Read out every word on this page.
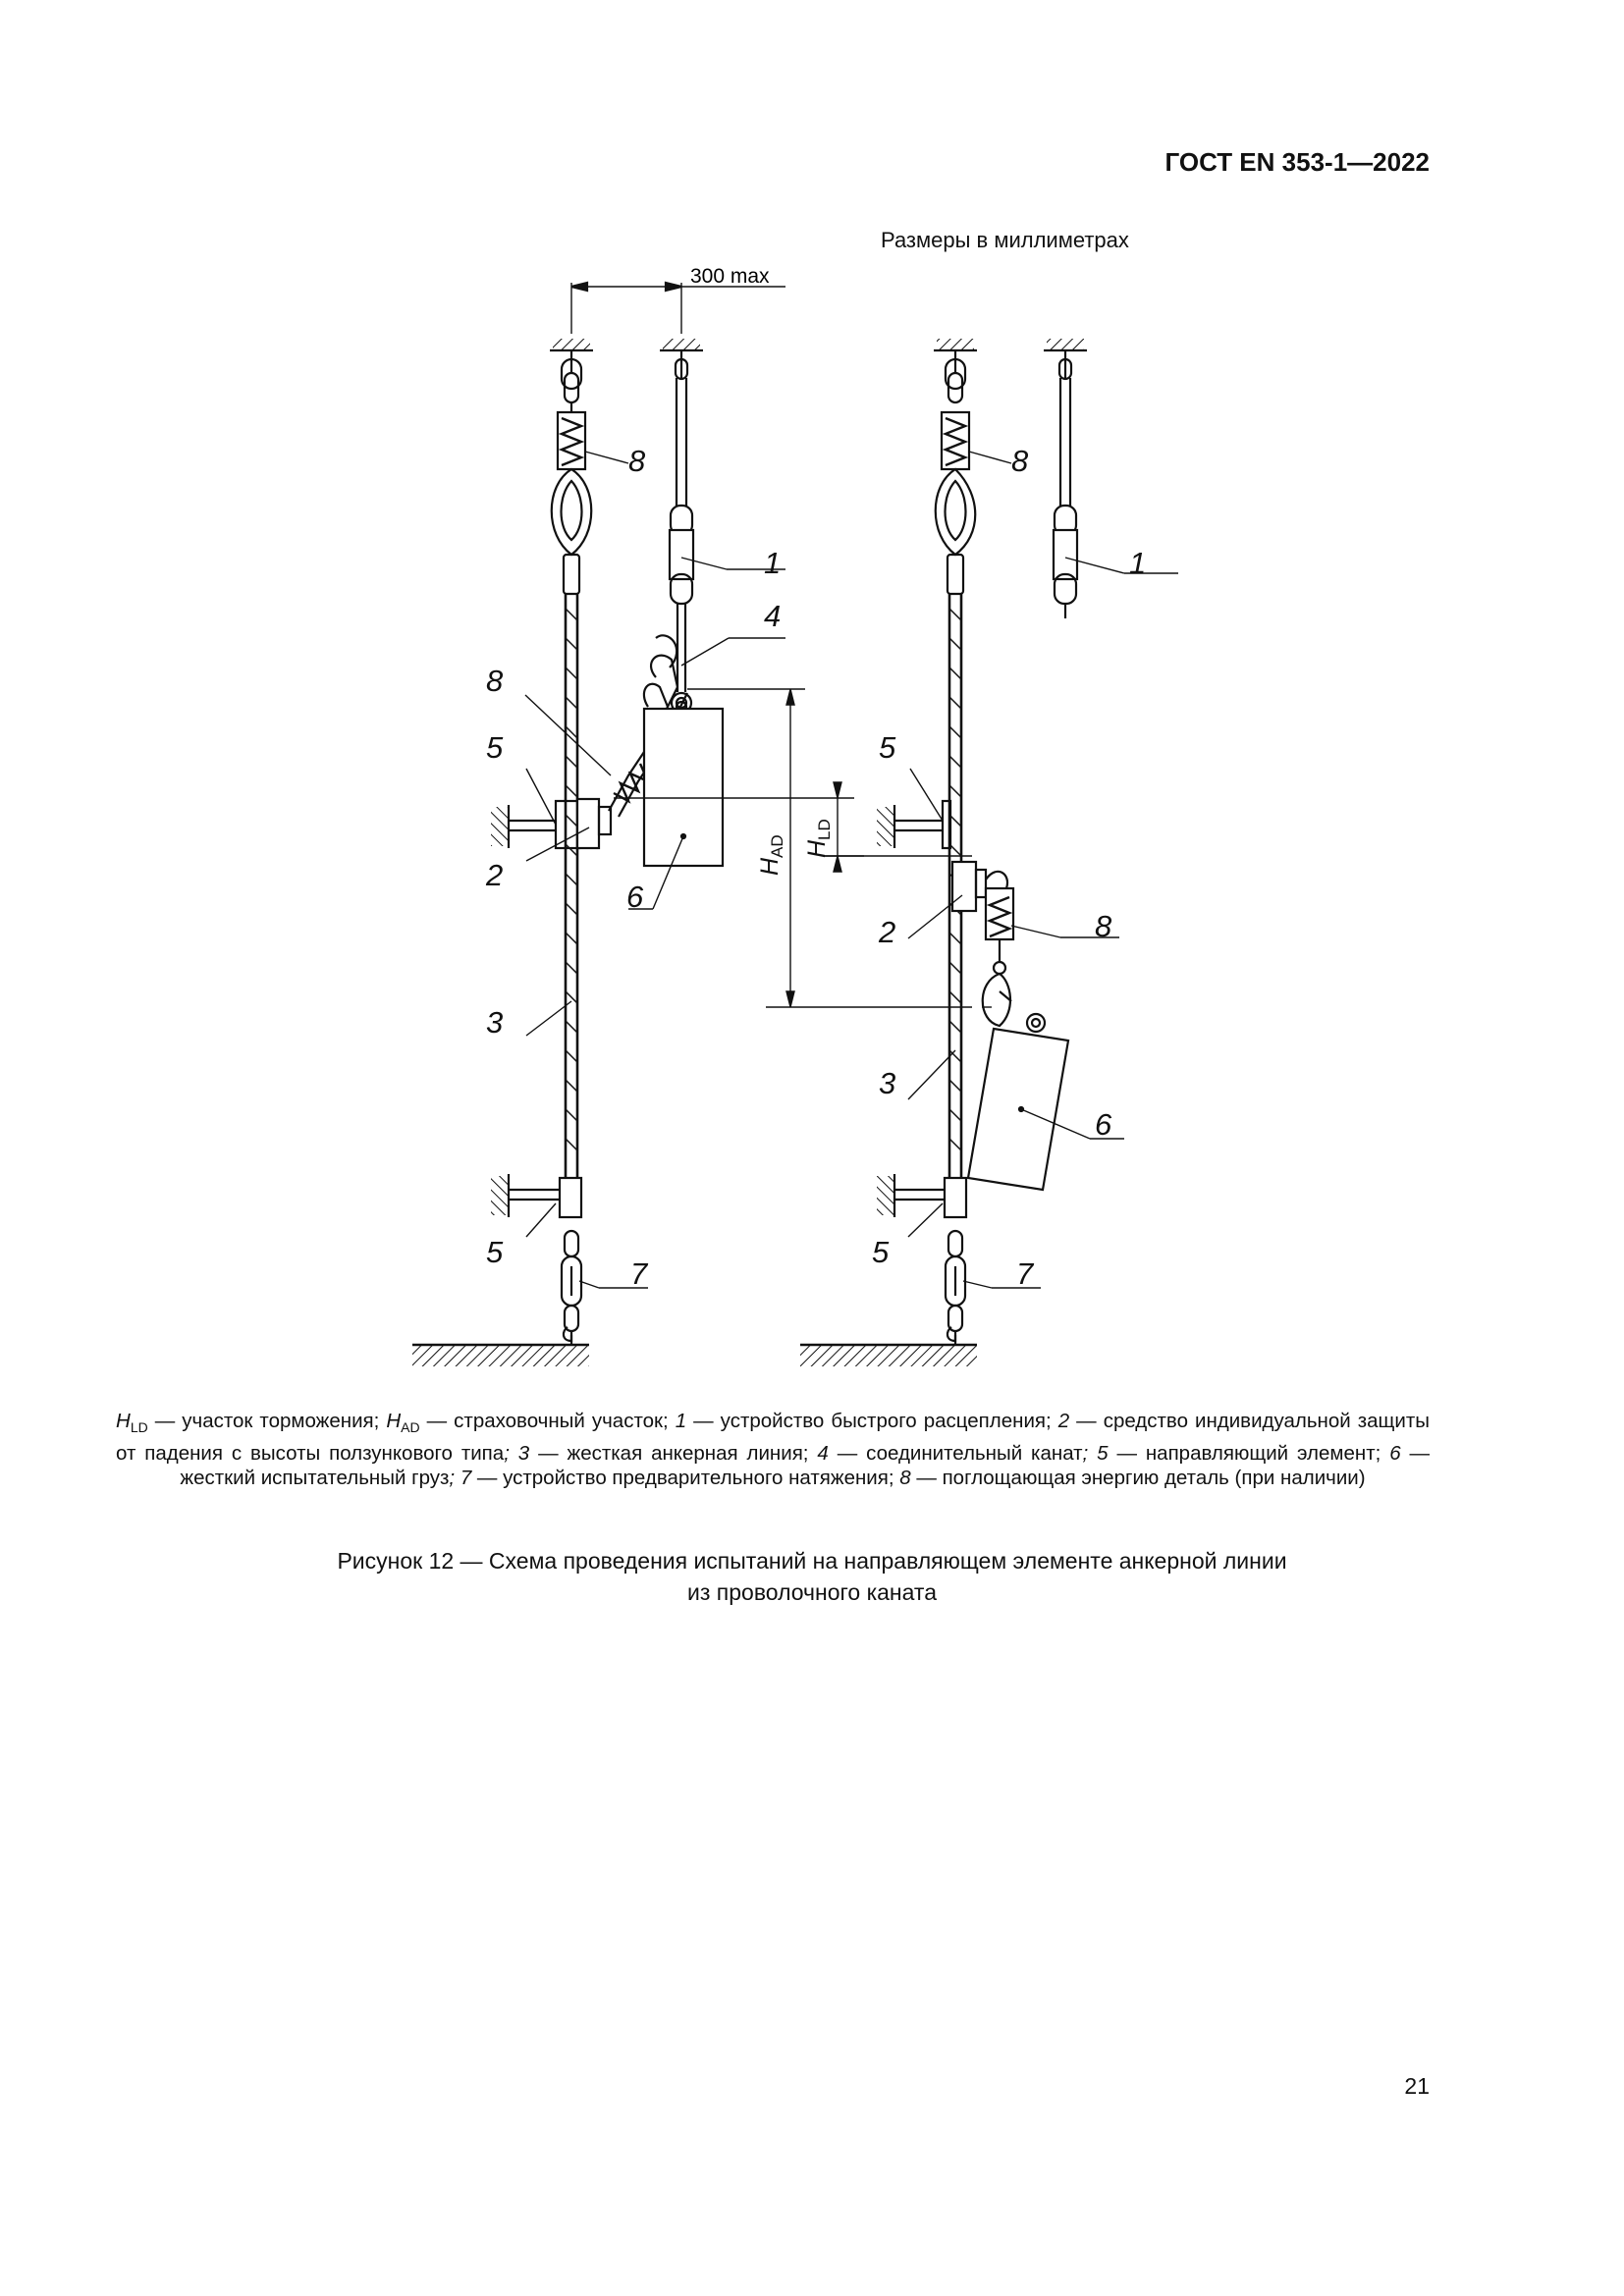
ГОСТ EN 353-1—2022
Размеры в миллиметрах
300 max
8
1
4
8
5
2
6
3
5
7
8
1
5
2	8
6
3
5
7
$H_{AD}$ $H_{LD}$
$H_{LD}$ — участок торможения; $H_{AD}$ — страховочный участок; 1 — устройство быстрого расцепления; 2 — средство индивидуальной защиты от падения с высоты ползункового типа; 3 — жесткая анкерная линия; 4 — соединительный канат; 5 — направляющий элемент; 6 — жесткий испытательный груз; 7 — устройство предварительного натяжения; 8 — поглощающая энергию деталь (при наличии)
Рисунок 12 — Схема проведения испытаний на направляющем элементе анкерной линии
из проволочного каната
21
